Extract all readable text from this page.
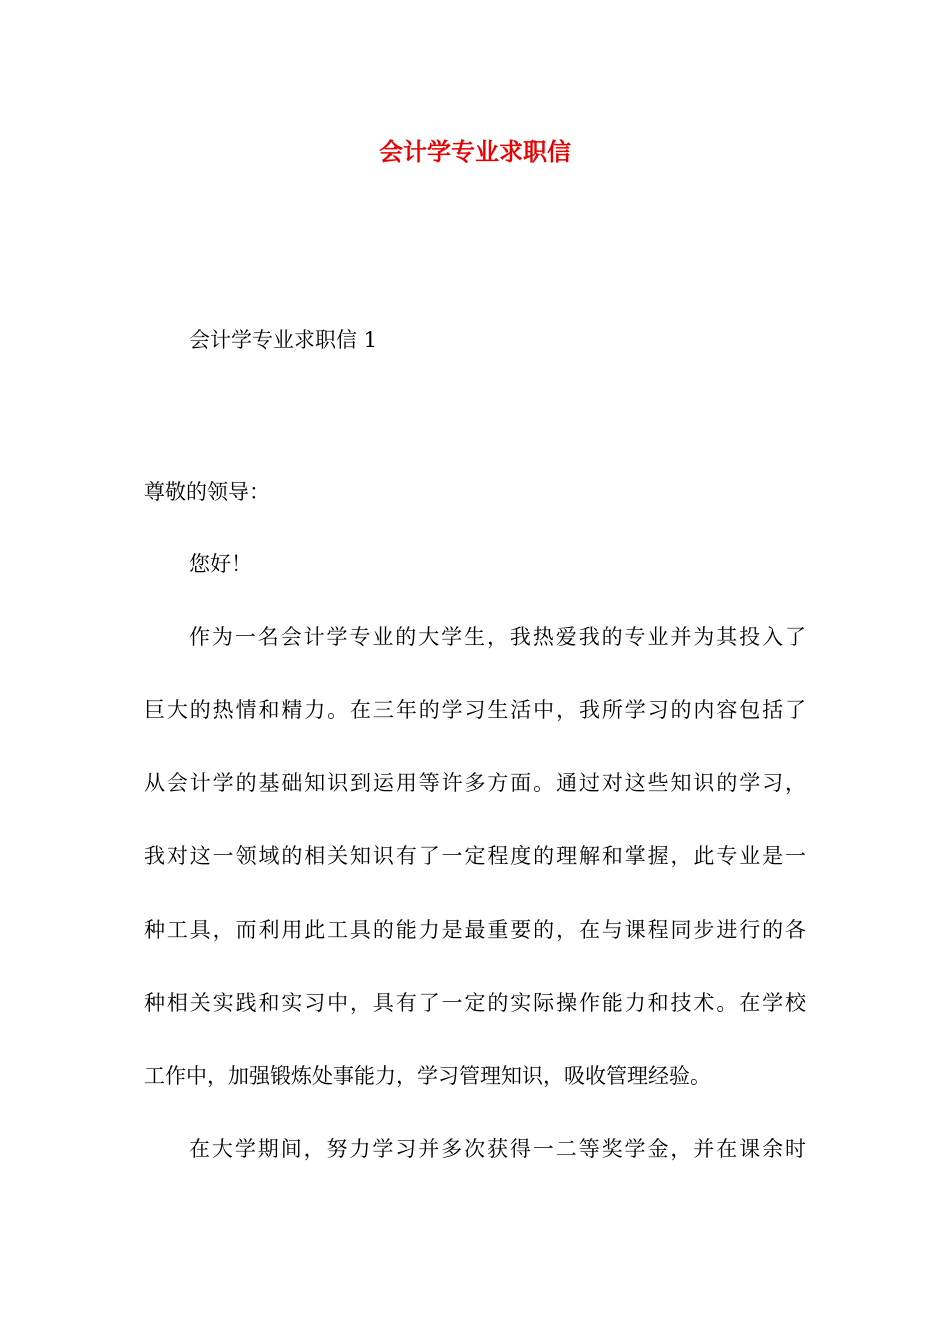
会计学专业求职信

会计学专业求职信 1

尊敬的领导：

您好！

作为一名会计学专业的大学生，我热爱我的专业并为其投入了

巨大的热情和精力。在三年的学习生活中，我所学习的内容包括了

从会计学的基础知识到运用等许多方面。通过对这些知识的学习，

我对这一领域的相关知识有了一定程度的理解和掌握，此专业是一

种工具，而利用此工具的能力是最重要的，在与课程同步进行的各

种相关实践和实习中，具有了一定的实际操作能力和技术。在学校

工作中，加强锻炼处事能力，学习管理知识，吸收管理经验。

在大学期间，努力学习并多次获得一二等奖学金，并在课余时
